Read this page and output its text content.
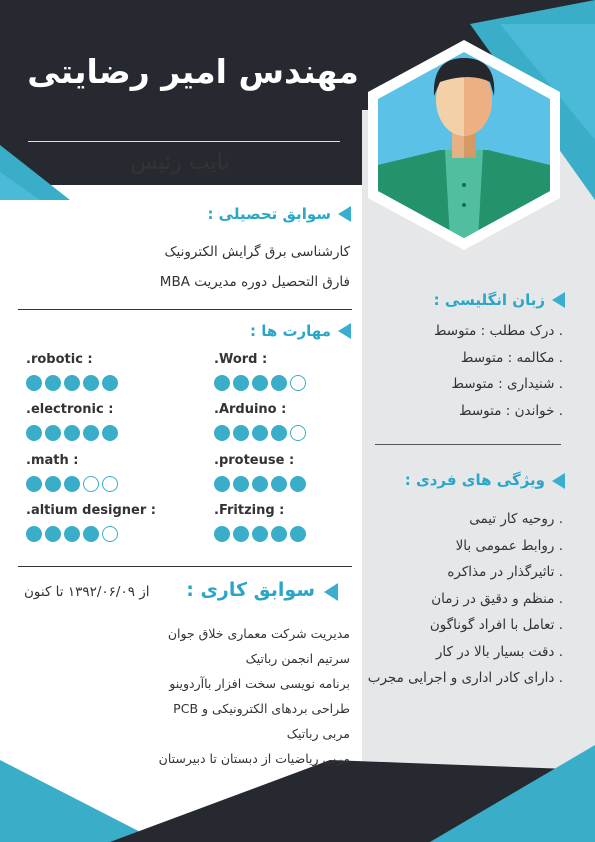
مهندس امیر رضایتی
نایب رئیس
سوابق تحصیلی :
کارشناسی برق گرایش الکترونیک
فارق التحصیل دوره مدیریت MBA
مهارت ها :
.robotic :	.Word :
.electronic :	.Arduino :
.math :	.proteuse :
.altium designer :	.Fritzing :
سوابق کاری :
از ۱۳۹۲/۰۶/۰۹ تا کنون
مدیریت شرکت معماری خلاق جوان
سرتیم انجمن رباتیک
برنامه نویسی سخت افزار باآردوینو
طراحی بردهای الکترونیکی و PCB
مربی رباتیک
مربی ریاضیات از دبستان تا دبیرستان
زبان انگلیسی :
. درک مطلب : متوسط
. مکالمه : متوسط
. شنیداری : متوسط
. خواندن : متوسط
ویژگی های فردی :
. روحیه کار تیمی
. روابط عمومی بالا
. تاثیرگذار در مذاکره
. منظم و دقیق در زمان
. تعامل با افراد گوناگون
. دقت بسیار بالا در کار
. دارای کادر اداری و اجرایی مجرب
